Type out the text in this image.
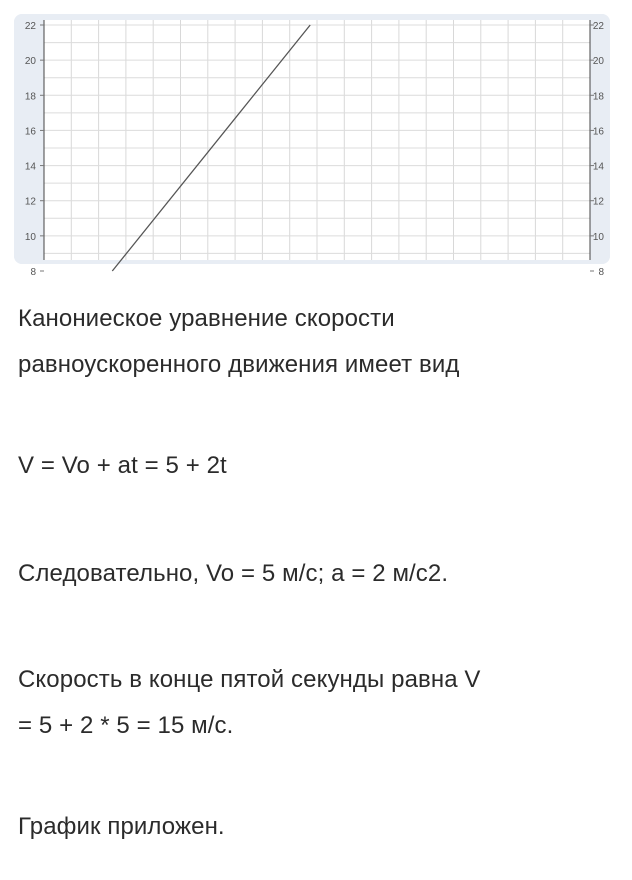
8
10
12
14
16
18
20
22
8
10
12
14
16
18
20
22
Канониеское уравнение скорости
равноускоренного движения имеет вид
V = Vo + at = 5 + 2t
Следовательно, Vo = 5 м/с; а = 2 м/с2.
Скорость в конце пятой секунды равна V
= 5 + 2 * 5 = 15 м/с.
График приложен.
